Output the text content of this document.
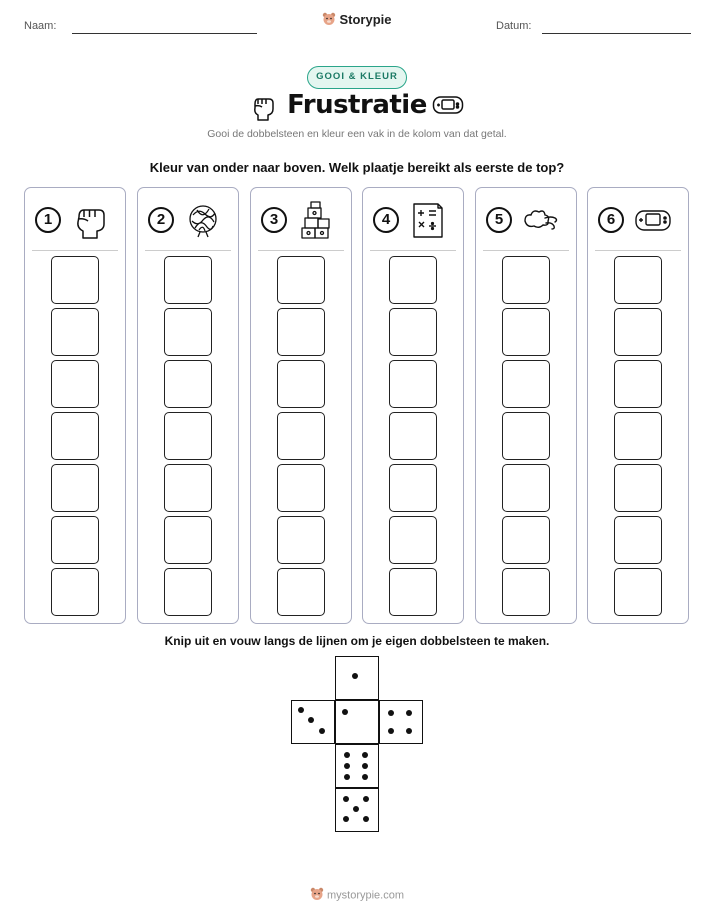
Naam:	Storypie	Datum:
GOOI & KLEUR
Frustratie
Gooi de dobbelsteen en kleur een vak in de kolom van dat getal.
Kleur van onder naar boven. Welk plaatje bereikt als eerste de top?
1	2	3	4	5	6
Knip uit en vouw langs de lijnen om je eigen dobbelsteen te maken.
mystorypie.com
